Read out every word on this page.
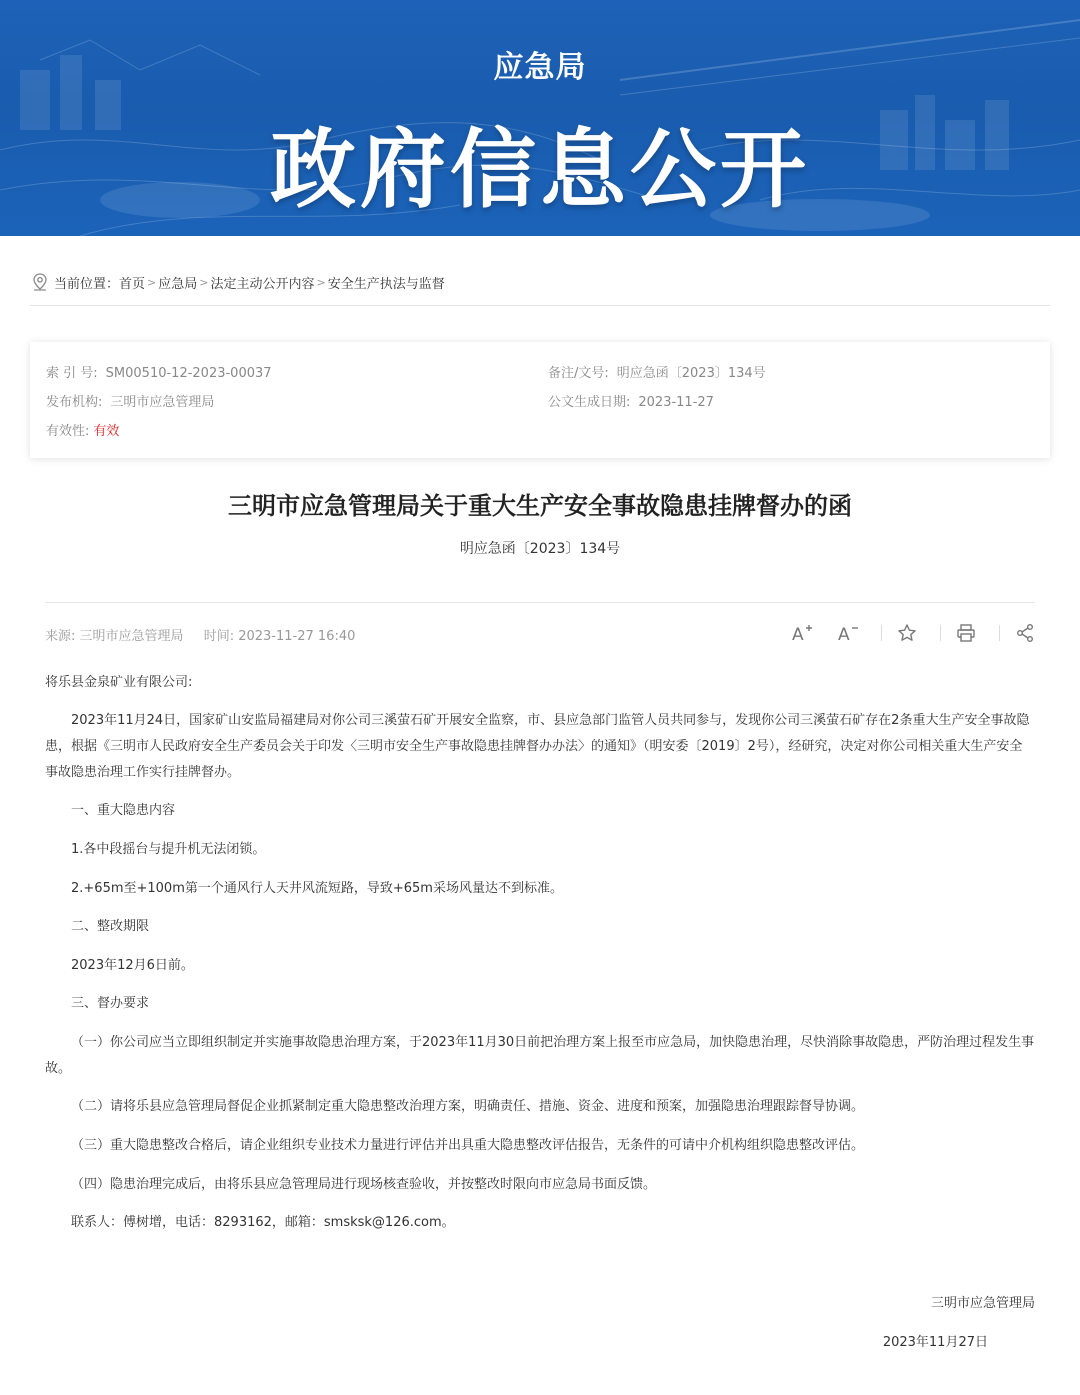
应急局
政府信息公开
当前位置： 首页 > 应急局 > 法定主动公开内容 > 安全生产执法与监督
索 引 号: SM00510-12-2023-00037
发布机构: 三明市应急管理局
有效性: 有效
备注/文号: 明应急函〔2023〕134号
公文生成日期: 2023-11-27
三明市应急管理局关于重大生产安全事故隐患挂牌督办的函
明应急函〔2023〕134号
来源: 三明市应急管理局 时间: 2023-11-27 16:40	A A
将乐县金泉矿业有限公司:
2023年11月24日，国家矿山安监局福建局对你公司三溪萤石矿开展安全监察，市、县应急部门监管人员共同参与，发现你公司三溪萤石矿存在2条重大生产安全事故隐患，根据《三明市人民政府安全生产委员会关于印发〈三明市安全生产事故隐患挂牌督办办法〉的通知》（明安委〔2019〕2号），经研究，决定对你公司相关重大生产安全事故隐患治理工作实行挂牌督办。
一、重大隐患内容
1.各中段摇台与提升机无法闭锁。
2.+65m至+100m第一个通风行人天井风流短路，导致+65m采场风量达不到标准。
二、整改期限
2023年12月6日前。
三、督办要求
（一）你公司应当立即组织制定并实施事故隐患治理方案，于2023年11月30日前把治理方案上报至市应急局，加快隐患治理，尽快消除事故隐患，严防治理过程发生事故。
（二）请将乐县应急管理局督促企业抓紧制定重大隐患整改治理方案，明确责任、措施、资金、进度和预案，加强隐患治理跟踪督导协调。
（三）重大隐患整改合格后，请企业组织专业技术力量进行评估并出具重大隐患整改评估报告，无条件的可请中介机构组织隐患整改评估。
（四）隐患治理完成后，由将乐县应急管理局进行现场核查验收，并按整改时限向市应急局书面反馈。
联系人：傅树增，电话：8293162，邮箱：smsksk@126.com。
三明市应急管理局
2023年11月27日
